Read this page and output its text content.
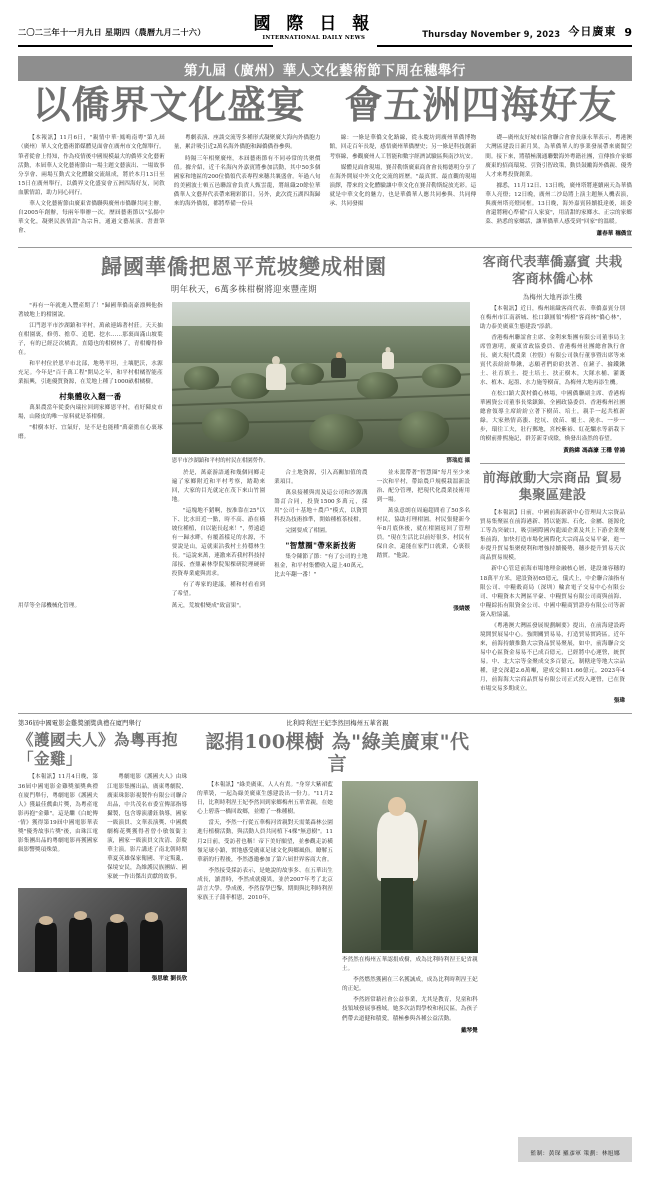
二〇二三年十一月九日 星期四（農曆九月二十六）	國 際 日 報
INTERNATIONAL DAILY NEWS	Thursday November 9, 2023 今日廣東 9
第九屆（廣州）華人文化藝術節下周在穗舉行
以僑界文化盛宴　會五洲四海好友

【本報訊】11月6日，"親情中華·鳳鳴南粵"第九屆（廣州）華人文化藝術節媒體見面會在廣州市文化館舉行。筆者從會上得知，作為疫情後中國規模最大的僑界文化藝術活動，本屆華人文化藝術節由一場主題文藝演出、一場故事分享會、兩場互動式文化體驗交流組成，將於本月13日至15日在廣州舉行，以僑界文化盛宴會五洲四海好友，同敘血脈情誼，助力同心同行。

華人文化藝術節由廣東省僑聯與廣州市僑聯共同主辦，自2005年創辦，每兩年舉辦一次。歷屆藝術節以"弘揚中華文化，凝聚民族情誼"為宗旨，通過文藝展演、書畫筆會、

粵劇表演、座談交流等多種形式凝聚廣大海內外僑胞力量，累計吸引近2萬名海外僑胞和歸僑僑眷參與。

時隔三年相聚廣州，本屆藝術節有不同尋常的共聚價值。據介紹，近千名海內外嘉賓將參加活動，其中50多個國家和地區的200位僑領代表專程來穗共襄盛會。年過八旬的美國波士頓五邑聯誼會負責人甄雲龍，將組織20餘位華僑華人文藝界代表帶來精彩節目。另外，此次從五湖四海歸來的海外僑領，都將準備一份具

線：一條是華僑文化路線，從永慶坊到廣州華僑博物館，回走百年長堤，感悟廣州華僑歷史；另一條是科技創新考察線，參觀廣州人工智能和數字經濟試驗區與南沙坑安。

媒體見面會現場，賽昔勒斯廣東商會會長楊德明分享了在海外開展中外文化交流的經歷。"最真實、最直觀的現場演繹，帶來的文化體驗讓中華文化在賽昔勒斯綻放光彩。這就是中華文化的魅力，也是華僑華人應共同參與、共同傳承、共同發揚

礎—廣州友好城市協會聯合會會長康永華表示，粵港澳大灣區建設日新月異，為華僑華人的事業發展帶來廣闊空間。接下來，將積極溝通聯繫海外粵籍社團，宣傳推介家鄉廣東的招商環境、引資引智政策，動員鼓勵海外僑親、優秀人才來粵投資創業。

據悉，11月12日、13日晚，廣州塔將連續兩天為華僑華人亮燈；12日晚，廣州二沙島將上演主題無人機表演，與廣州塔亮燈同框。13日晚，海外嘉賓陸續抵達後，組委會還將精心準備"百人家宴"，用清甜的家鄉水、正宗的家鄉菜、熟悉的家鄉話，讓華僑華人感受到"回家"的溫暖。

蕭春華 穗僑宣

歸國華僑把恩平荒坡變成柑園
明年秋天，6萬多株柑樹將迎來豐產期

"再有一年就進入豐產期了！"歸國華僑南豪漂興他指著坡地上的柑園說。

江門恩平市沙湖鎮和平村，萬畝連綿著村莊。天天抽在柑園裏，修剪、擔草、追肥、挖水……那裏面滿山坡葉子，有的已經泛次橘黃，直隱也的柑樹林了，青柑瓣得修在。

和平村位於恩平市北部，地勢平坦，土壤肥沃，水源充足。今年是"百千萬工程"開局之年，和平村柑橘智能產業振興，引進優質資源，在荒地上種了1000畝柑橘樹。

村集體收入翻一番

萬果農當年從委內瑞拉回到家鄉恩平村，看好陳皮市場，山隆皮的唯一原料就是茶柑樹。

"柑樹本好、宜氣好，是不是也能種"萬豪擔在心裏琢磨。

恩平市沙湖鎮和平村的村民在柑園勞作。	鄧瑞庭 攝

於是，萬豪游語通和幾個同鄉走遍了家鄉附近和平村考察，踏勘來回，大家的目光就定在茂下來山竹園地。

"這塊地不錯啊，按准靠在25°以下、比水田近一點，時不高、游在橫坡位種植，自以能長起來！"，勞遠道有一歸水畔，有覆蓋樣足的水源，不要說是山，這就東沾我村土持穩林生長。"這說來萬，連激來若我村科技持部接、查鼎素林學院架棵研院理硬研投資專業處與需求。

有了專家的建議，種和村看看到了希望。

合土地資源，引入高關加值的農業項目。

萬泉接種與需及這公司和沙源溝籌訂合同，投資1500多萬元，採用"公司＋基地＋農戶"模式，以資質科投為技術推準，開始種植茶枝柑。

完園要成了柑園。

"智慧圈"帶來新技術

集令陳節了節："有了公司的土地租金，和平村集體收入還上40萬元，比去年翻一番！"

並未駕帶著"智慧圈"每月至少來一次和平村，帶給農戶規模栽溫新設治、配分管理，把現代化農業技術用到一場。

萬泉意朗在周遍超間看了50多名村民，協助打理柑園。村民張健新今年8月底休後，就在柑園返回了管理員。"現在生活比以前好很多，村民有保自余，還能在家門口就業，心裏很踏實。"他說。

用草等全部機械化管理。	萬元，荒坡柑變成"致富果"。	張婧媛

客商代表華僑嘉賓 共栽客商林僑心林
為梅州大地再添生機

【本報訊】近日，梅州組織客商代表、華僑嘉賓分別在梅州市江南新城、松口鎮圓領"梅橙"客商林"僑心林"，助力泰美廣東生態建設"添薪。

香港梅州聯誼會主席、金利來集團有限公司董事局主席曾憲明，廣東省政協委員、香港梅州社團總會執行會長、廣大現代農業（控股）有限公司執行董事暨出席等來賓代表紛紛舉鍬，志願者們紛紛扶著、在鏟子、掄鐵鍬土、社育填土、提土培土、扶正樹木，大隊水桶、灌溉水、植木、起墨、水力施等樹苗，為梅州大地再添生機。

在松口鎮大黃村僑心林場，中國僑聯副主席、香港梅華國資公司董事長梁鎮錦，全國政協委員、香港梅州社團總會領導主席紛紛立著下樹苗、培土，親手一起共植新綠。大家熱情高漲、挖坑、放苗、覆土、澆水、一步一步，環往工夫，壯行郵地，宮校紫裕、紅花爛水等新栽下的樹前排熙施記，群芳新芽成陰，煥發出盎然的春望。

黃韵緯 馮森濠 王穩 曾鴻

前海啟動大宗商品 貿易集聚區建設

【本報訊】日前，中國前海新新中心管理局大宗資品貿易集聚區在前海港新、將以能源、石化、金屬、能源化工等為突破口，吸引國際國內龍頭企業及其上下游企業聚集前海，加快打造市場化國際化大宗商品交易平臺，進一步提升貿易集聚便利和增強持續優勢，穗步提升貿易天次商品貿易規模。

新中心管廷前海市場地理金融核心層，建設兼容穗的18萬平方米，建設資初65億元，儀式上，中企聯合油指有限公司、中糧穀商局（深圳）輪倉電子交易中心有限公司、中糧資本大灣區平臺、中糧貿易有限公司商與前海、中糧綜拓有限資金公司、中國中糧商貿證券有限公司等新簽入駐協議。

《粵港澳大灣區發展規劃綱要》提出，在前海建設跨境開貿展易中心。強開關貿易易，打造貿易實跨區。近年來，前海持續推動大宗資品貿易聚展，如中，前海聯合交易中心區資金易易不已成百億元，已經將中心運營，統貿易。中、北大宗等金聚成交多百億元，制轄達等地大宗品種，建交深超2.6萬噸，建成交額11.66億元。2023年4月，前海海大宗商品貿易有限公司正式投入運營，已在資市場交易多期成立。

張瑋

第36屆中國電影金雞獎頒獎典禮在廈門舉行
《護國夫人》為粵再抱「金雞」

【本報訊】11月4日晚，第36屆中國電影金雞獎頒獎典禮在廈門舉行，粵劇電影《護國夫人》獲最佳戲曲片獎，為粵產電影再抱"金雞"。這是繼《白蛇傳·情》獲得第19屆中國電影華表獎"優秀故事片獎"後，由珠江電影集團出品的粵劇電影再獲國家級影響獎項殊榮。

粵劇電影《護國夫人》由珠江電影集團出品，廣東粵劇院、廣東珠影影視製作有限公司聯合出品，中共茂名市委宣傳部指導攝製，包含導演潘鈺執導，國家一級演員、文華表演獎、中國戲劇梅花獎獲得者曾小敏領銜主演，國家一級演員文汝清、彭慶華主演。影片講述了南北朝時期華夏英雄保家衛國、平定叛亂、保境安民，為維護民族團結、國家統一作出傑出貢獻的故事。

張思敏 劉長欣

比利時利涅王妃李然回梅州五華省親
認捐100棵樹 為"綠美廣東"代言

【本報訊】"綠美廣東，人人有責。"身穿大紫裙藍的華裝，一起為綠美廣東生態建設出一份力。"11月2日，比利時利涅王妃李然回到家鄉梅州五華省親，在她心上碧落一橋回故鄉，並贈了一株種樹。

當天，李然一行從五華梅河省親對天需葉森林公園進行植樹活動，與活動人員共同植下4棵"無意樹"。11月2日前，受訪者也稱！帝下美好願望，並參觀走訪橫嶺足球小鎮，實地感受廣東足球文化與鄉風俗。瞭解五華新的行程後，李然憑邀參加了第六屆世界客商大會。

李然接受採訪表示，是她說的故事多、在五華出生成長，讀書時，李然成就優異，並於2007年考了北京語言大學。學成後，李然留學巴黎，期間與比利時利涅家族王子蒲菲相恩，2010年，

李然然在梅州五華認捐成樹，成為比利時利涅王妃省親土。

李然燃然獲國在三名獲誠成，成為比利時利涅王妃的正妃。

李然經常藉社會公益事業，尤其是教育，兒童和科技領域發展事務域。她多次訪問學校和祝民區，為孩子們帶去道健和積愛，積極參與各種公益活動。

戴琴覺

監制：黃琛 羅彥軍 策劃：林旭娜
